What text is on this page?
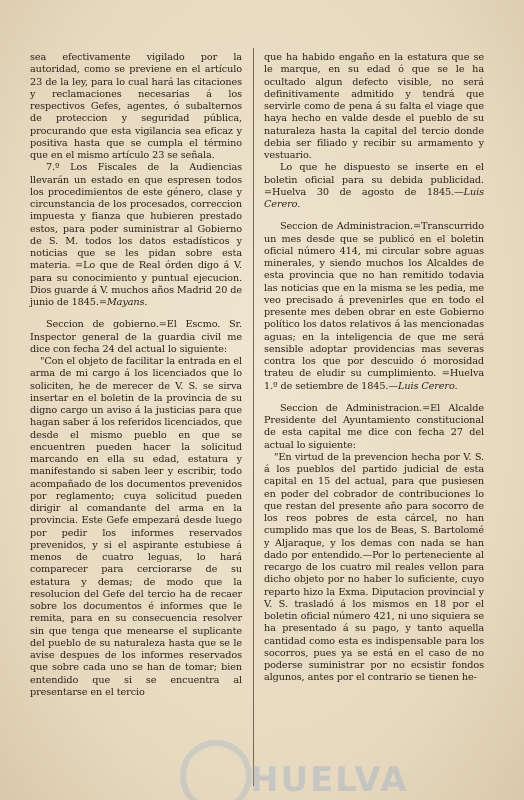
sea efectivamente vigilado por la autoridad, como se previene en el artículo 23 de la ley, para lo cual hará las citaciones y reclamaciones necesarias á los respectivos Gefes, agentes, ó subalternos de proteccion y seguridad pública, procurando que esta vigilancia sea eficaz y positiva hasta que se cumpla el término que en el mismo artículo 23 se señala.

7.º Los Fiscales de la Audiencias llevarán un estado en que espresen todos los procedimientos de este género, clase y circunstancia de los procesados, correccion impuesta y fianza que hubieren prestado estos, para poder suministrar al Gobierno de S. M. todos los datos estadísticos y noticias que se les pidan sobre esta materia. =Lo que de Real órden digo á V. para su conocimiento y puntual ejecucion. Dios guarde á V. muchos años Madrid 20 de junio de 1845.=Mayans.

Seccion de gobierno.=El Escmo. Sr. Inspector general de la guardia civil me dice con fecha 24 del actual lo siguiente:

"Con el objeto de facilitar la entrada en el arma de mi cargo á los licenciados que lo soliciten, he de merecer de V. S. se sirva insertar en el boletin de la provincia de su digno cargo un aviso á la justicias para que hagan saber á los referidos licenciados, que desde el mismo pueblo en que se encuentren pueden hacer la solicitud marcando en ella su edad, estatura y manifestando si saben leer y escribir, todo acompañado de los documentos prevenidos por reglamento; cuya solicitud pueden dirigir al comandante del arma en la provincia. Este Gefe empezará desde luego por pedir los informes reservados prevenidos, y si el aspirante estubiese á menos de cuatro leguas, lo hará comparecer para cerciorarse de su estatura y demas; de modo que la resolucion del Gefe del tercio ha de recaer sobre los documentos é informes que le remita, para en su consecuencia resolver sin que tenga que menearse el suplicante del pueblo de su naturaleza hasta que se le avise despues de los informes reservados que sobre cada uno se han de tomar; bien entendido que si se encuentra al presentarse en el tercio

que ha habido engaño en la estatura que se le marque, en su edad ó que se le ha ocultado algun defecto visible, no será definitivamente admitido y tendrá que servirle como de pena á su falta el viage que haya hecho en valde desde el pueblo de su naturaleza hasta la capital del tercio donde debia ser filiado y recibir su armamento y vestuario.

Lo que he dispuesto se inserte en el boletin oficial para su debida publicidad. =Huelva 30 de agosto de 1845.—Luis Cerero.

Seccion de Administracion.=Transcurrido un mes desde que se publicó en el boletin oficial número 414, mi circular sobre aguas minerales, y siendo muchos los Alcaldes de esta provincia que no han remitido todavia las noticias que en la misma se les pedia, me veo precisado á prevenirles que en todo el presente mes deben obrar en este Gobierno político los datos relativos á las mencionadas aguas; en la inteligencia de que me será sensible adoptar providencias mas severas contra los que por descuido ó morosidad trateu de eludir su cumplimiento. =Huelva 1.º de setiembre de 1845.—Luis Cerero.

Seccion de Administracion.=El Alcalde Presidente del Ayuntamiento constitucional de esta capital me dice con fecha 27 del actual lo siguiente:

"En virtud de la prevencion hecha por V. S. á los pueblos del partido judicial de esta capital en 15 del actual, para que pusiesen en poder del cobrador de contribuciones lo que restan del presente año para socorro de los reos pobres de esta cárcel, no han cumplido mas que los de Beas, S. Bartolomé y Aljaraque, y los demas con nada se han dado por entendido.—Por lo perteneciente al recargo de los cuatro mil reales vellon para dicho objeto por no haber lo suficiente, cuyo reparto hizo la Exma. Diputacion provincial y V. S. trasladó á los mismos en 18 por el boletin oficial número 421, ni uno siquiera se ha presentado á su pago, y tanto aquella cantidad como esta es indispensable para los socorros, pues ya se está en el caso de no poderse suministrar por no ecsistir fondos algunos, antes por el contrario se tienen he-

HUELVA
